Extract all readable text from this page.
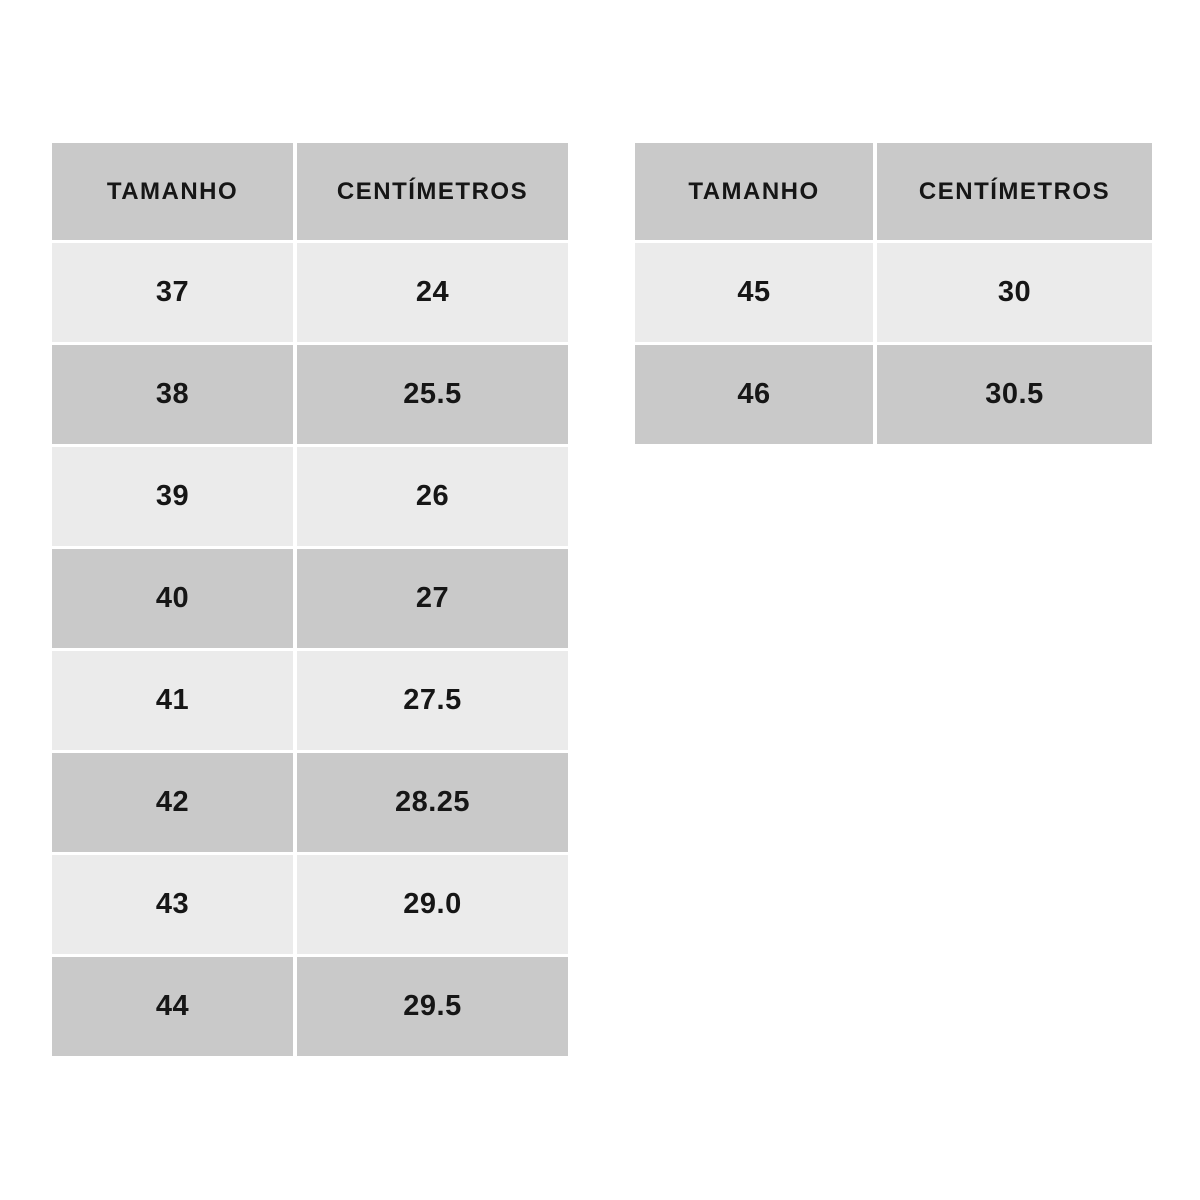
TAMANHO	CENTÍMETROS
37	24
38	25.5
39	26
40	27
41	27.5
42	28.25
43	29.0
44	29.5
TAMANHO	CENTÍMETROS
45	30
46	30.5
